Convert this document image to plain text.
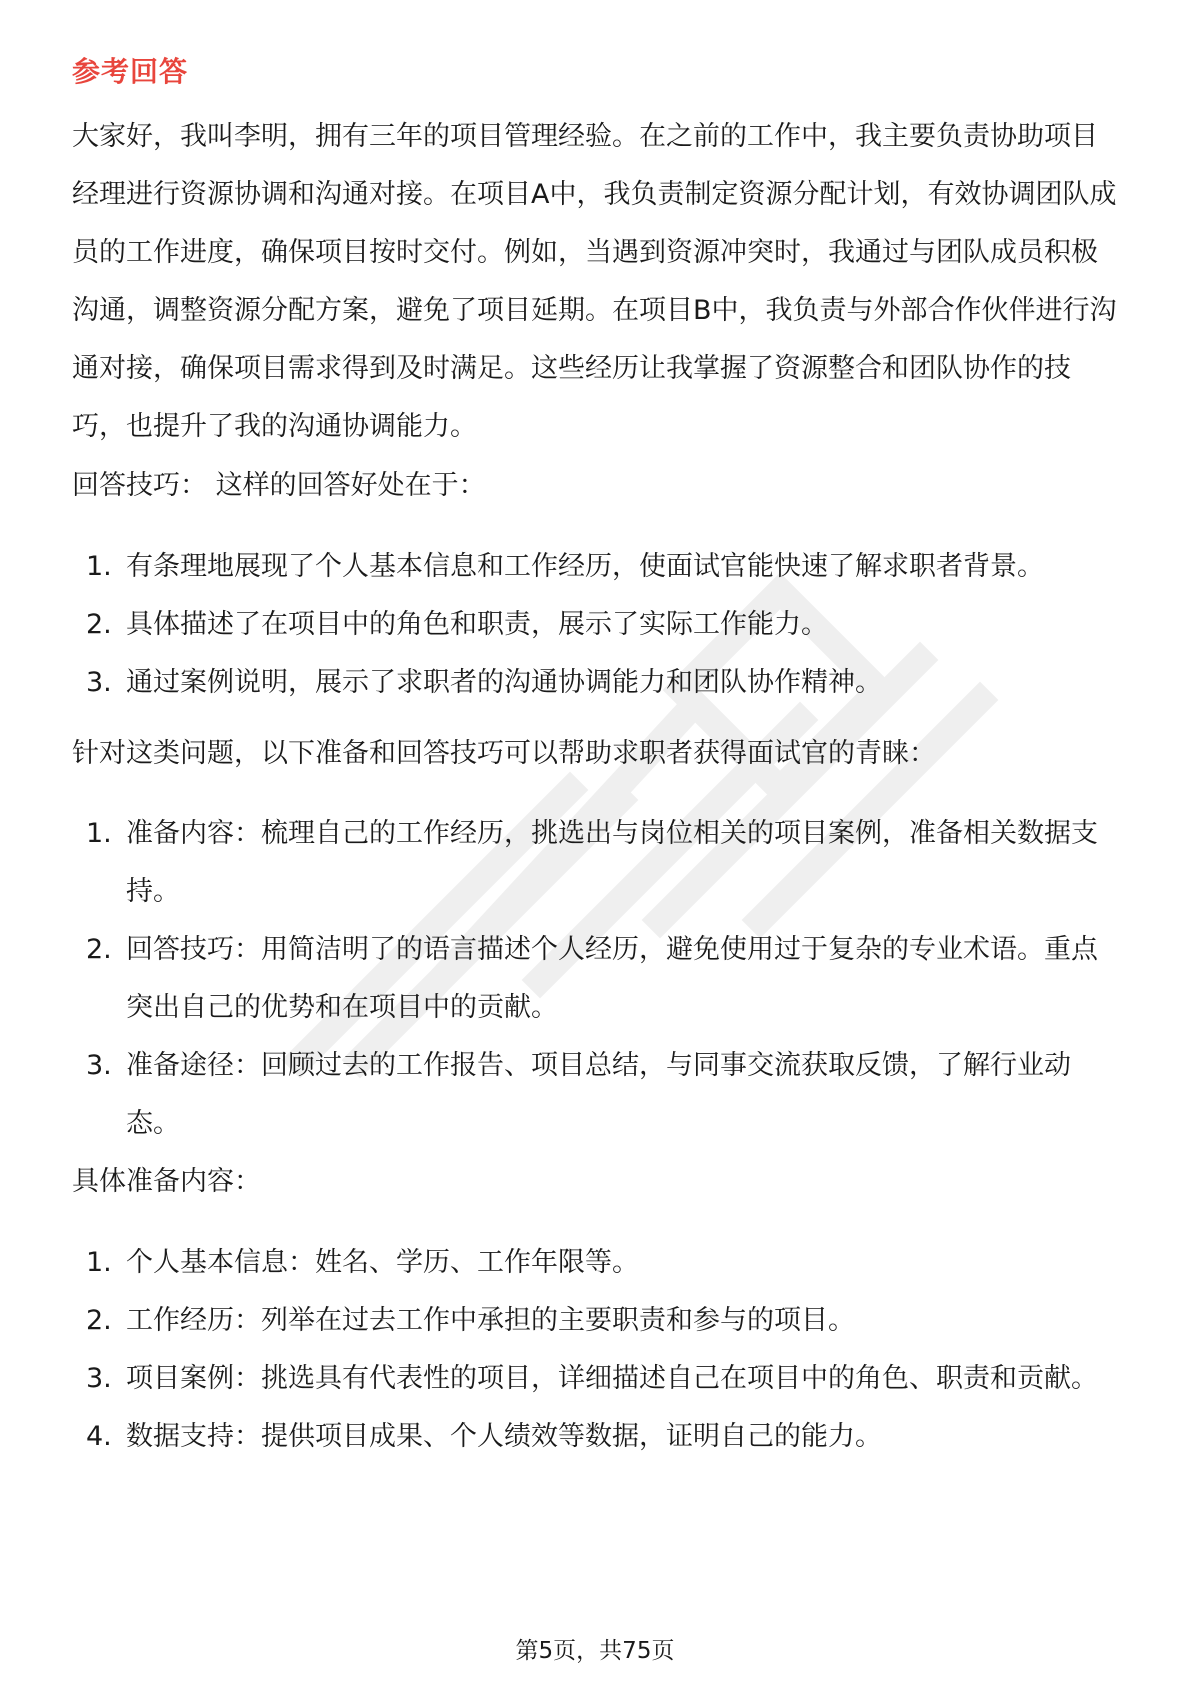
参考回答
大家好，我叫李明，拥有三年的项目管理经验。在之前的工作中，我主要负责协助项目经理进行资源协调和沟通对接。在项目A中，我负责制定资源分配计划，有效协调团队成员的工作进度，确保项目按时交付。例如，当遇到资源冲突时，我通过与团队成员积极沟通，调整资源分配方案，避免了项目延期。在项目B中，我负责与外部合作伙伴进行沟通对接，确保项目需求得到及时满足。这些经历让我掌握了资源整合和团队协作的技巧，也提升了我的沟通协调能力。
回答技巧： 这样的回答好处在于：
1. 有条理地展现了个人基本信息和工作经历，使面试官能快速了解求职者背景。
2. 具体描述了在项目中的角色和职责，展示了实际工作能力。
3. 通过案例说明，展示了求职者的沟通协调能力和团队协作精神。
针对这类问题，以下准备和回答技巧可以帮助求职者获得面试官的青睐：
1. 准备内容：梳理自己的工作经历，挑选出与岗位相关的项目案例，准备相关数据支持。
2. 回答技巧：用简洁明了的语言描述个人经历，避免使用过于复杂的专业术语。重点突出自己的优势和在项目中的贡献。
3. 准备途径：回顾过去的工作报告、项目总结，与同事交流获取反馈，了解行业动态。
具体准备内容：
1. 个人基本信息：姓名、学历、工作年限等。
2. 工作经历：列举在过去工作中承担的主要职责和参与的项目。
3. 项目案例：挑选具有代表性的项目，详细描述自己在项目中的角色、职责和贡献。
4. 数据支持：提供项目成果、个人绩效等数据，证明自己的能力。
第5页，共75页
